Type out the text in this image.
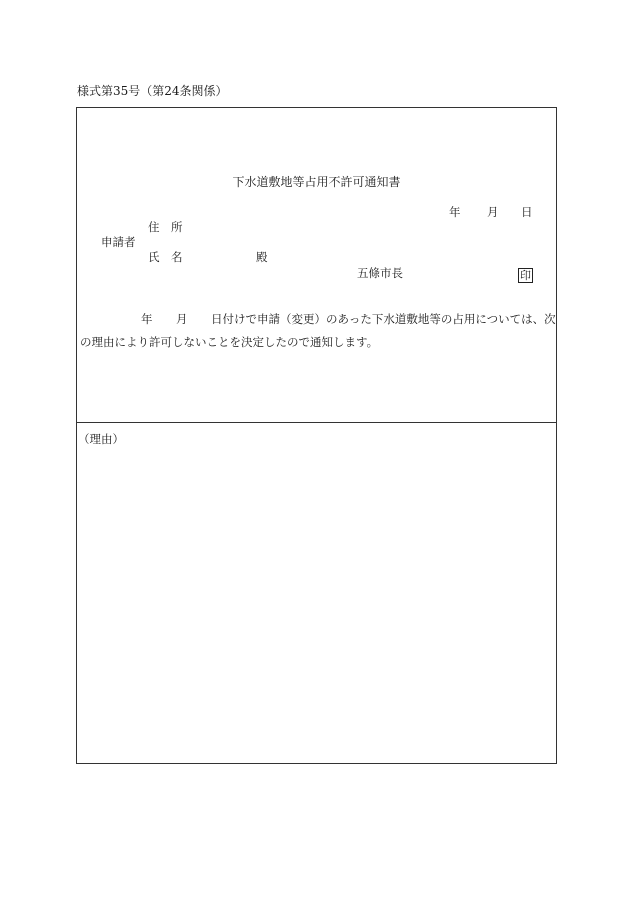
様式第35号（第24条関係）
下水道敷地等占用不許可通知書
年 月 日
住　所
申請者
氏　名	殿
五條市長	印
年 月 日付けで申請（変更）のあった下水道敷地等の占用については、次
の理由により許可しないことを決定したので通知します。
（理由）
